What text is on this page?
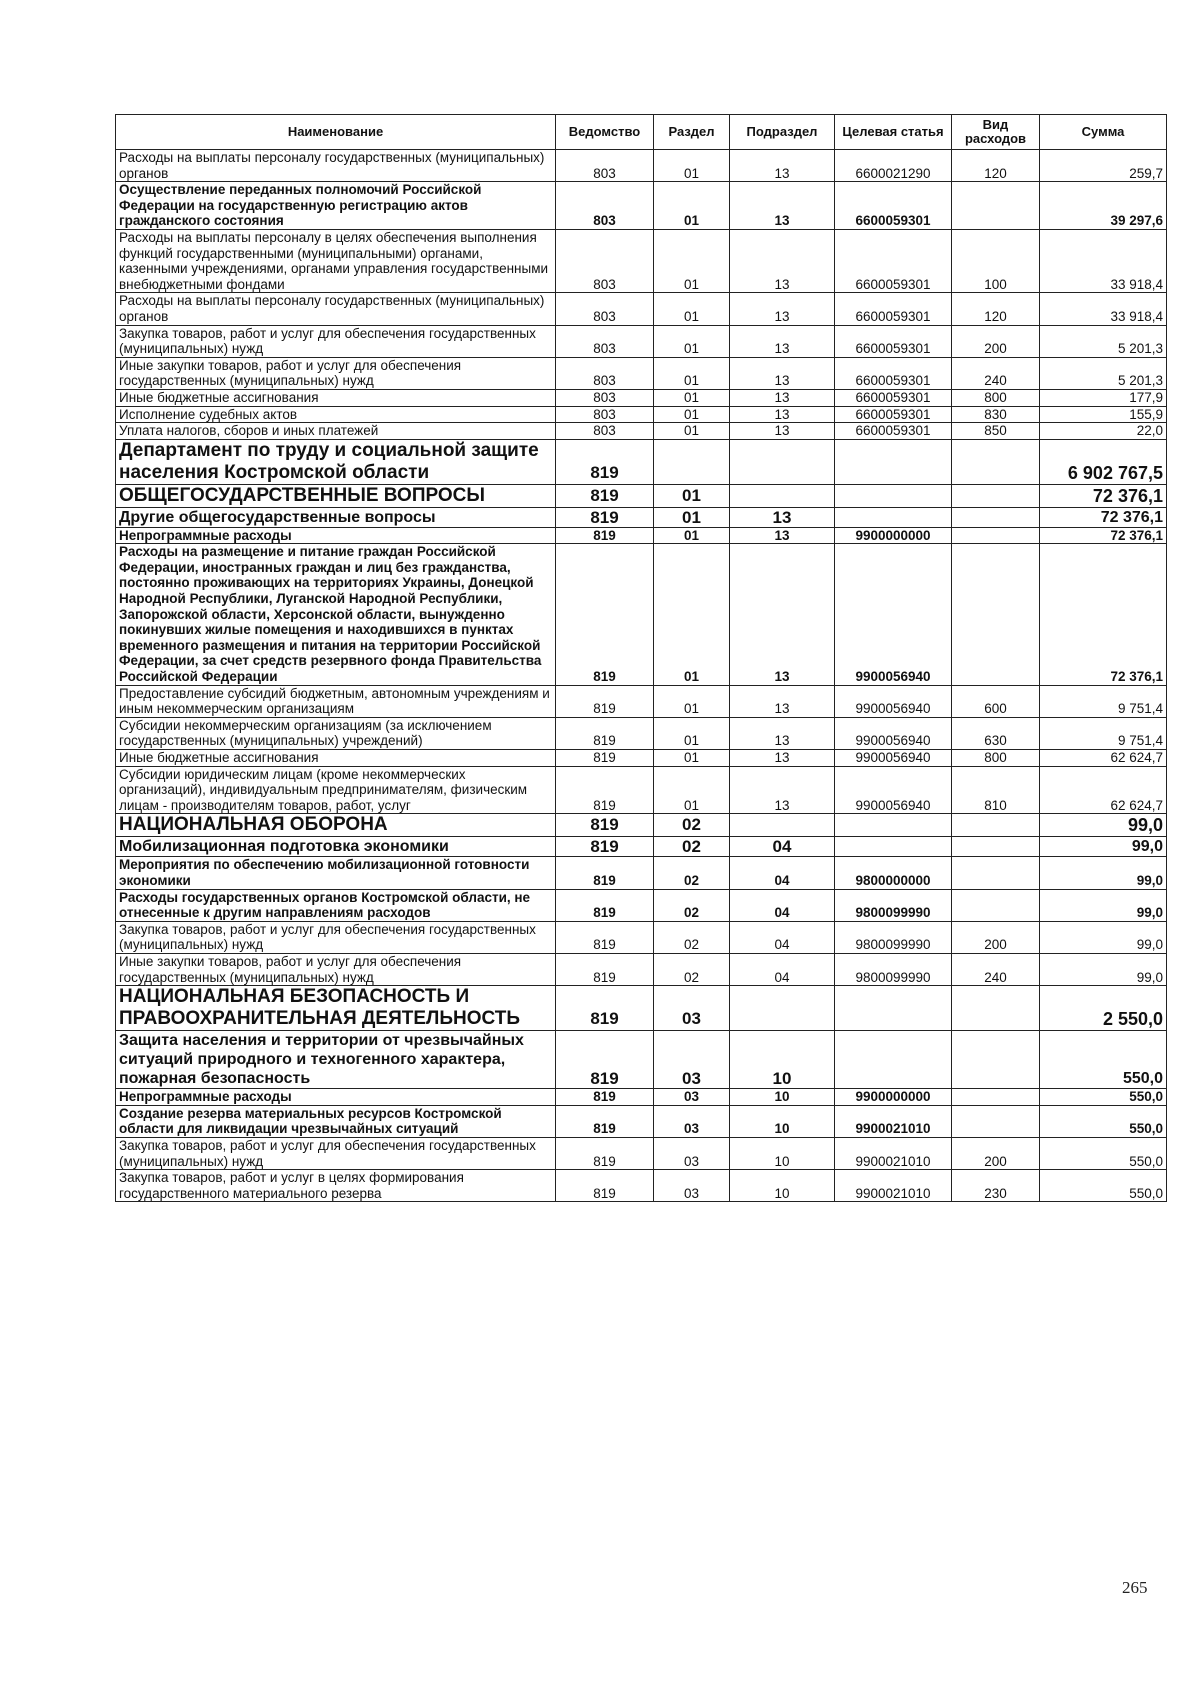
Наименование	Ведомство	Раздел	Подраздел	Целевая статья	Вид расходов	Сумма
Расходы на выплаты персоналу государственных (муниципальных) органов	803	01	13	6600021290	120	259,7
Осуществление переданных полномочий Российской Федерации на государственную регистрацию актов гражданского состояния	803	01	13	6600059301		39 297,6
Расходы на выплаты персоналу в целях обеспечения выполнения функций государственными (муниципальными) органами, казенными учреждениями, органами управления государственными внебюджетными фондами	803	01	13	6600059301	100	33 918,4
Расходы на выплаты персоналу государственных (муниципальных) органов	803	01	13	6600059301	120	33 918,4
Закупка товаров, работ и услуг для обеспечения государственных (муниципальных) нужд	803	01	13	6600059301	200	5 201,3
Иные закупки товаров, работ и услуг для обеспечения государственных (муниципальных) нужд	803	01	13	6600059301	240	5 201,3
Иные бюджетные ассигнования	803	01	13	6600059301	800	177,9
Исполнение судебных актов	803	01	13	6600059301	830	155,9
Уплата налогов, сборов и иных платежей	803	01	13	6600059301	850	22,0
Департамент по труду и социальной защите населения Костромской области	819					6 902 767,5
ОБЩЕГОСУДАРСТВЕННЫЕ ВОПРОСЫ	819	01				72 376,1
Другие общегосударственные вопросы	819	01	13			72 376,1
Непрограммные расходы	819	01	13	9900000000		72 376,1
Расходы на размещение и питание граждан Российской Федерации, иностранных граждан и лиц без гражданства, постоянно проживающих на территориях Украины, Донецкой Народной Республики, Луганской Народной Республики, Запорожской области, Херсонской области, вынужденно покинувших жилые помещения и находившихся в пунктах временного размещения и питания на территории Российской Федерации, за счет средств резервного фонда Правительства Российской Федерации	819	01	13	9900056940		72 376,1
Предоставление субсидий бюджетным, автономным учреждениям и иным некоммерческим организациям	819	01	13	9900056940	600	9 751,4
Субсидии некоммерческим организациям (за исключением государственных (муниципальных) учреждений)	819	01	13	9900056940	630	9 751,4
Иные бюджетные ассигнования	819	01	13	9900056940	800	62 624,7
Субсидии юридическим лицам (кроме некоммерческих организаций), индивидуальным предпринимателям, физическим лицам - производителям товаров, работ, услуг	819	01	13	9900056940	810	62 624,7
НАЦИОНАЛЬНАЯ ОБОРОНА	819	02				99,0
Мобилизационная подготовка экономики	819	02	04			99,0
Мероприятия по обеспечению мобилизационной готовности экономики	819	02	04	9800000000		99,0
Расходы государственных органов Костромской области, не отнесенные к другим направлениям расходов	819	02	04	9800099990		99,0
Закупка товаров, работ и услуг для обеспечения государственных (муниципальных) нужд	819	02	04	9800099990	200	99,0
Иные закупки товаров, работ и услуг для обеспечения государственных (муниципальных) нужд	819	02	04	9800099990	240	99,0
НАЦИОНАЛЬНАЯ БЕЗОПАСНОСТЬ И ПРАВООХРАНИТЕЛЬНАЯ ДЕЯТЕЛЬНОСТЬ	819	03				2 550,0
Защита населения и территории от чрезвычайных ситуаций природного и техногенного характера, пожарная безопасность	819	03	10			550,0
Непрограммные расходы	819	03	10	9900000000		550,0
Создание резерва материальных ресурсов Костромской области для ликвидации чрезвычайных ситуаций	819	03	10	9900021010		550,0
Закупка товаров, работ и услуг для обеспечения государственных (муниципальных) нужд	819	03	10	9900021010	200	550,0
Закупка товаров, работ и услуг в целях формирования государственного материального резерва	819	03	10	9900021010	230	550,0
265
